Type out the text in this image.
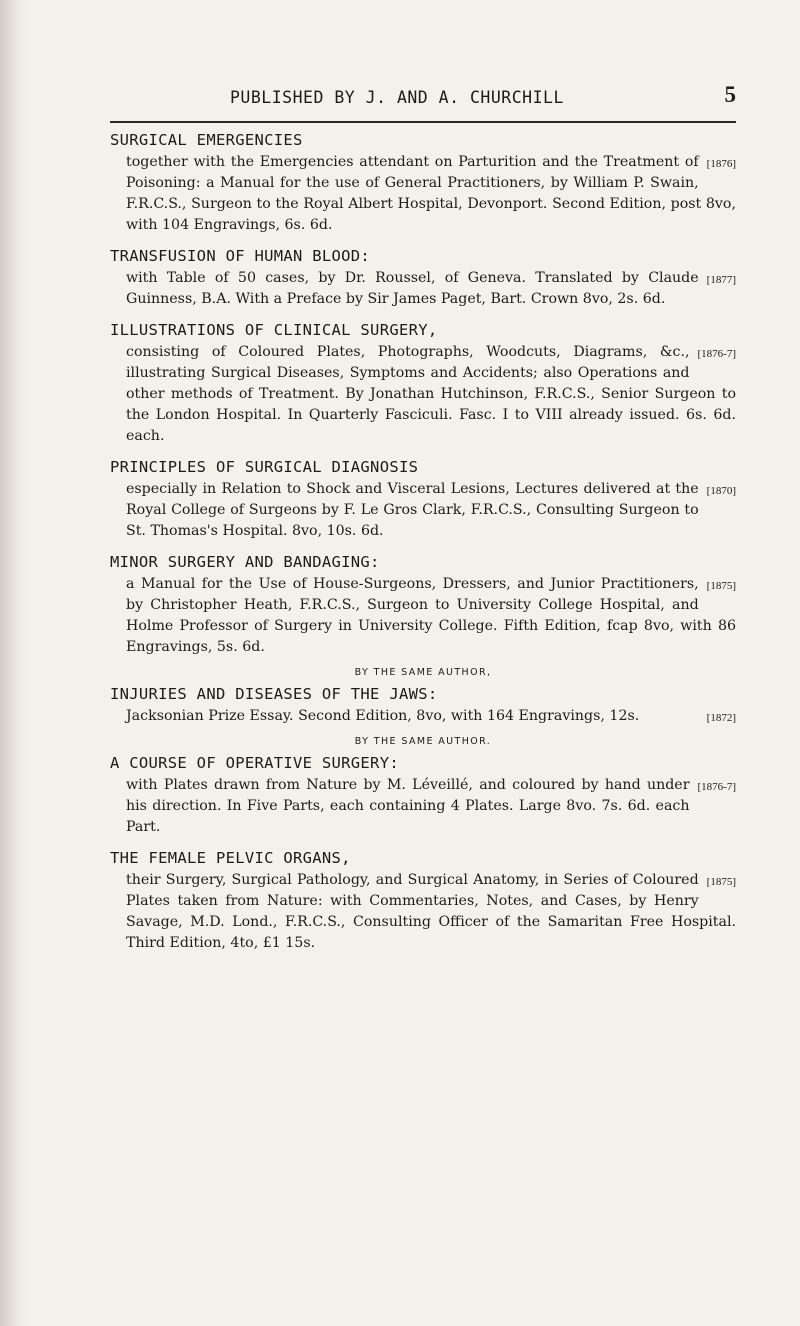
PUBLISHED BY J. AND A. CHURCHILL	5

SURGICAL EMERGENCIES

[1876]
together with the Emergencies attendant on Parturition and the Treatment of Poisoning: a Manual for the use of General Practitioners, by William P. Swain, F.R.C.S., Surgeon to the Royal Albert Hospital, Devonport. Second Edition, post 8vo, with 104 Engravings, 6s. 6d.

TRANSFUSION OF HUMAN BLOOD:

[1877]
with Table of 50 cases, by Dr. Roussel, of Geneva. Translated by Claude Guinness, B.A. With a Preface by Sir James Paget, Bart. Crown 8vo, 2s. 6d.

ILLUSTRATIONS OF CLINICAL SURGERY,

[1876-7]
consisting of Coloured Plates, Photographs, Woodcuts, Diagrams, &c., illustrating Surgical Diseases, Symptoms and Accidents; also Operations and other methods of Treatment. By Jonathan Hutchinson, F.R.C.S., Senior Surgeon to the London Hospital. In Quarterly Fasciculi. Fasc. I to VIII already issued. 6s. 6d. each.

PRINCIPLES OF SURGICAL DIAGNOSIS

[1870]
especially in Relation to Shock and Visceral Lesions, Lectures delivered at the Royal College of Surgeons by F. Le Gros Clark, F.R.C.S., Consulting Surgeon to St. Thomas's Hospital. 8vo, 10s. 6d.

MINOR SURGERY AND BANDAGING:

[1875]
a Manual for the Use of House-Surgeons, Dressers, and Junior Practitioners, by Christopher Heath, F.R.C.S., Surgeon to University College Hospital, and Holme Professor of Surgery in University College. Fifth Edition, fcap 8vo, with 86 Engravings, 5s. 6d.

BY THE SAME AUTHOR,

INJURIES AND DISEASES OF THE JAWS:

[1872]
Jacksonian Prize Essay. Second Edition, 8vo, with 164 Engravings, 12s.

BY THE SAME AUTHOR.

A COURSE OF OPERATIVE SURGERY:

[1876-7]
with Plates drawn from Nature by M. Léveillé, and coloured by hand under his direction. In Five Parts, each containing 4 Plates. Large 8vo. 7s. 6d. each Part.

THE FEMALE PELVIC ORGANS,

[1875]
their Surgery, Surgical Pathology, and Surgical Anatomy, in Series of Coloured Plates taken from Nature: with Commentaries, Notes, and Cases, by Henry Savage, M.D. Lond., F.R.C.S., Consulting Officer of the Samaritan Free Hospital. Third Edition, 4to, £1 15s.
